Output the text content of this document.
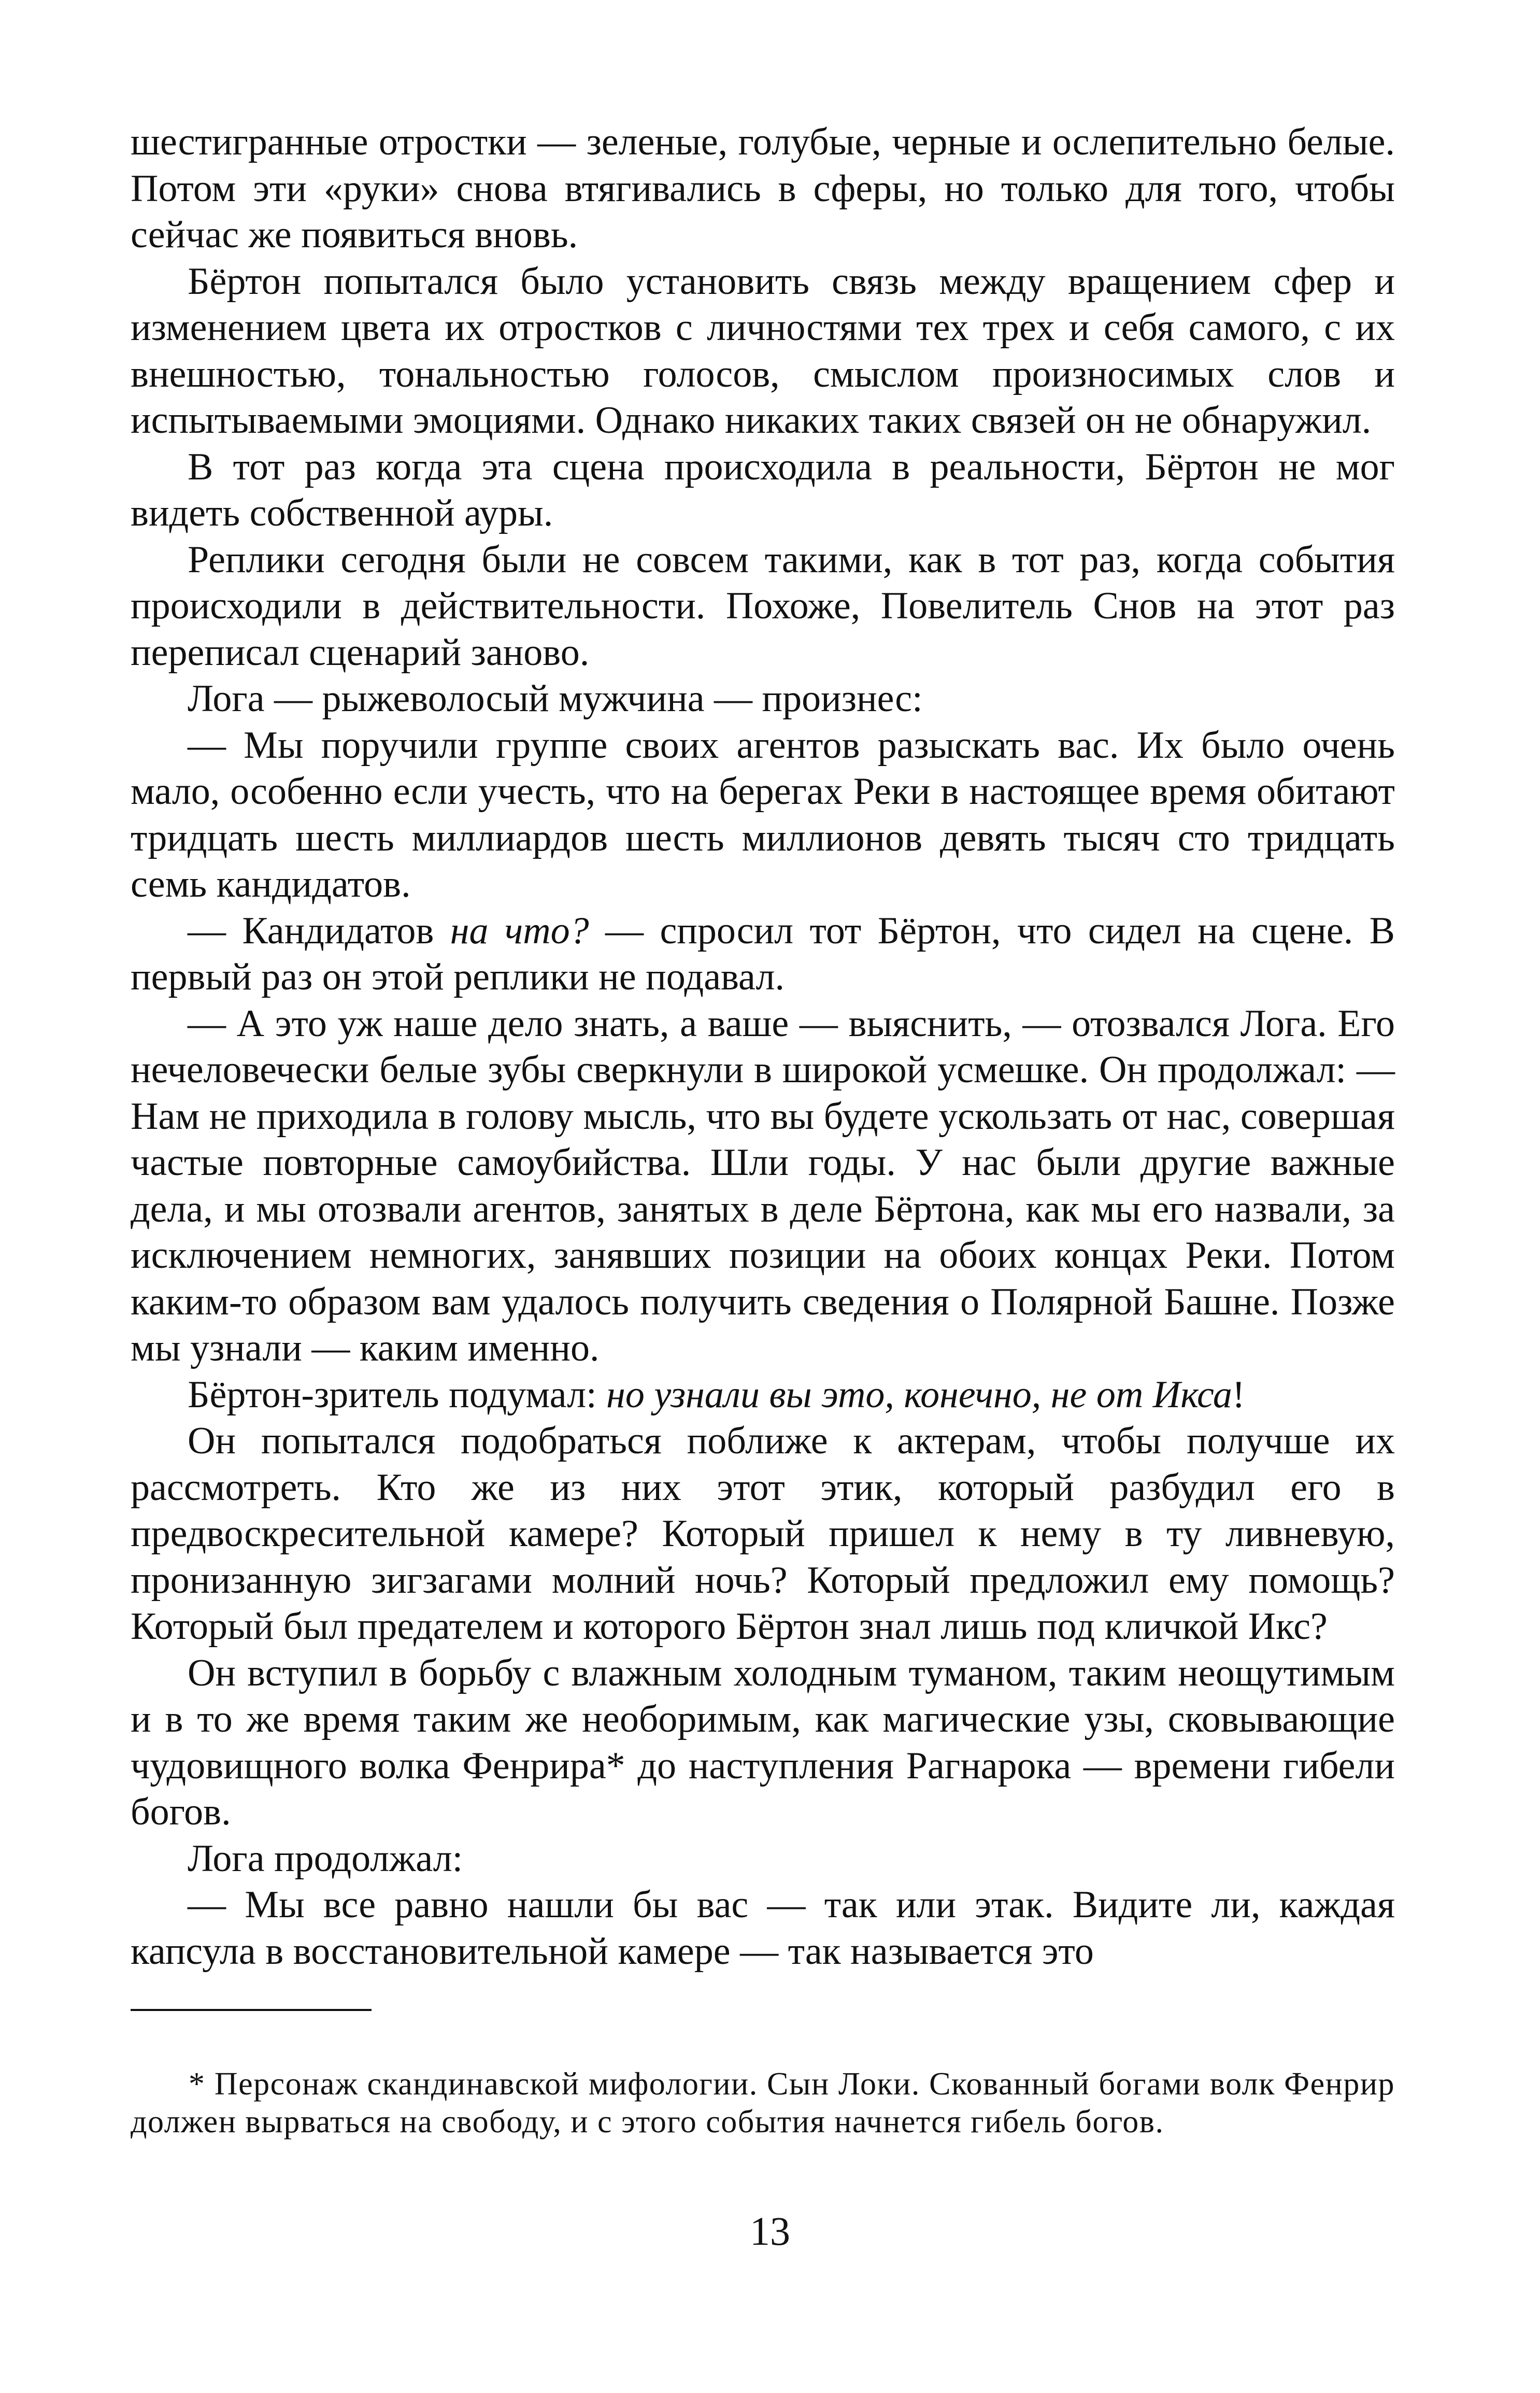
шестигранные отростки — зеленые, голубые, черные и ослепительно белые. Потом эти «руки» снова втягивались в сферы, но только для того, чтобы сейчас же появиться вновь.

Бёртон попытался было установить связь между вращением сфер и изменением цвета их отростков с личностями тех трех и себя самого, с их внешностью, тональностью голосов, смыслом произносимых слов и испытываемыми эмоциями. Однако никаких таких связей он не обнаружил.

В тот раз когда эта сцена происходила в реальности, Бёртон не мог видеть собственной ауры.

Реплики сегодня были не совсем такими, как в тот раз, когда события происходили в действительности. Похоже, Повелитель Снов на этот раз переписал сценарий заново.

Лога — рыжеволосый мужчина — произнес:

— Мы поручили группе своих агентов разыскать вас. Их было очень мало, особенно если учесть, что на берегах Реки в настоящее время обитают тридцать шесть миллиардов шесть миллионов девять тысяч сто тридцать семь кандидатов.

— Кандидатов на что? — спросил тот Бёртон, что сидел на сцене. В первый раз он этой реплики не подавал.

— А это уж наше дело знать, а ваше — выяснить, — отозвался Лога. Его нечеловечески белые зубы сверкнули в широкой усмешке. Он продолжал: — Нам не приходила в голову мысль, что вы будете ускользать от нас, совершая частые повторные самоубийства. Шли годы. У нас были другие важные дела, и мы отозвали агентов, занятых в деле Бёртона, как мы его назвали, за исключением немногих, занявших позиции на обоих концах Реки. Потом каким-то образом вам удалось получить сведения о Полярной Башне. Позже мы узнали — каким именно.

Бёртон-зритель подумал: но узнали вы это, конечно, не от Икса!

Он попытался подобраться поближе к актерам, чтобы получше их рассмотреть. Кто же из них этот этик, который разбудил его в предвоскресительной камере? Который пришел к нему в ту ливневую, пронизанную зигзагами молний ночь? Который предложил ему помощь? Который был предателем и которого Бёртон знал лишь под кличкой Икс?

Он вступил в борьбу с влажным холодным туманом, таким неощутимым и в то же время таким же необоримым, как магические узы, сковывающие чудовищного волка Фенрира* до наступления Рагнарока — времени гибели богов.

Лога продолжал:

— Мы все равно нашли бы вас — так или этак. Видите ли, каждая капсула в восстановительной камере — так называется это

* Персонаж скандинавской мифологии. Сын Локи. Скованный богами волк Фенрир должен вырваться на свободу, и с этого события начнется гибель богов.

13
